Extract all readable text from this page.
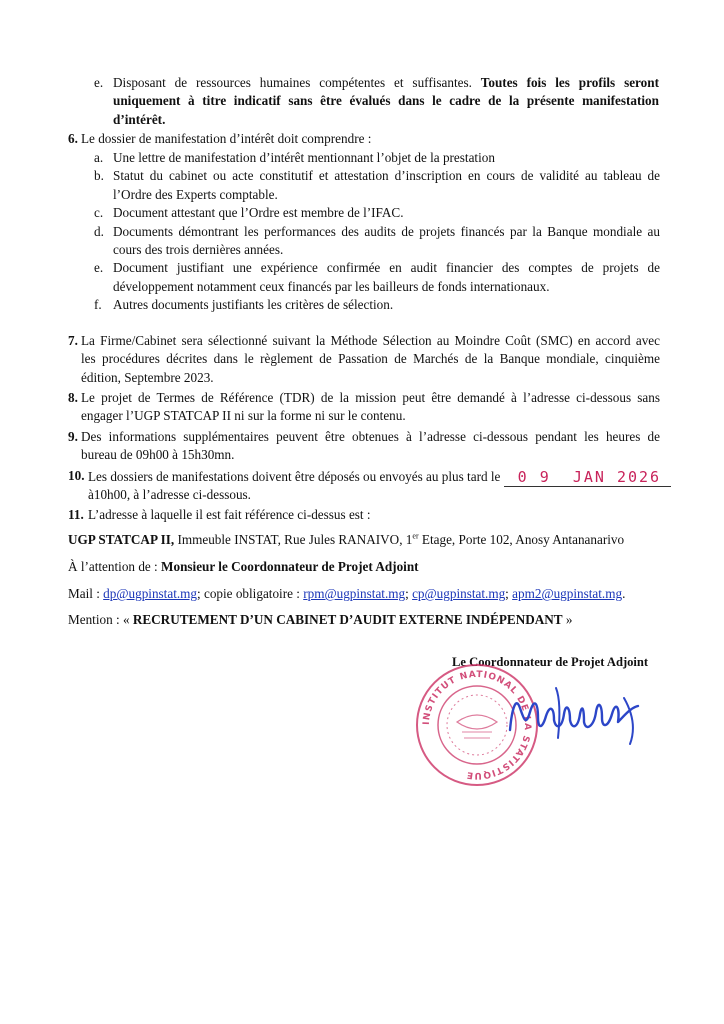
e. Disposant de ressources humaines compétentes et suffisantes. Toutes fois les profils seront
uniquement à titre indicatif sans être évalués dans le cadre de la présente manifestation
d’intérêt.
6. Le dossier de manifestation d’intérêt doit comprendre :
a. Une lettre de manifestation d’intérêt mentionnant l’objet de la prestation
b. Statut du cabinet ou acte constitutif et attestation d’inscription en cours de validité au tableau de
l’Ordre des Experts comptable.
c. Document attestant que l’Ordre est membre de l’IFAC.
d. Documents démontrant les performances des audits de projets financés par la Banque mondiale au
cours des trois dernières années.
e. Document justifiant une expérience confirmée en audit financier des comptes de projets de
développement notamment ceux financés par les bailleurs de fonds internationaux.
f. Autres documents justifiants les critères de sélection.
7. La Firme/Cabinet sera sélectionné suivant la Méthode Sélection au Moindre Coût (SMC) en accord avec
les procédures décrites dans le règlement de Passation de Marchés de la Banque mondiale, cinquième
édition, Septembre 2023.
8. Le projet de Termes de Référence (TDR) de la mission peut être demandé à l’adresse ci-dessous sans
engager l’UGP STATCAP II ni sur la forme ni sur le contenu.
9. Des informations supplémentaires peuvent être obtenues à l’adresse ci-dessous pendant les heures de
bureau de 09h00 à 15h30mn.
10. Les dossiers de manifestations doivent être déposés ou envoyés au plus tard le 0 9  JAN 2026
à10h00, à l’adresse ci-dessous.
11. L’adresse à laquelle il est fait référence ci-dessus est :
UGP STATCAP II, Immeuble INSTAT, Rue Jules RANAIVO, 1er Etage, Porte 102, Anosy Antananarivo
À l’attention de : Monsieur le Coordonnateur de Projet Adjoint
Mail : dp@ugpinstat.mg; copie obligatoire : rpm@ugpinstat.mg; cp@ugpinstat.mg; apm2@ugpinstat.mg.
Mention : « RECRUTEMENT D’UN CABINET D’AUDIT EXTERNE INDÉPENDANT »
Le Coordonnateur de Projet Adjoint
INSTITUT NATIONAL DE LA STATISTIQUE
